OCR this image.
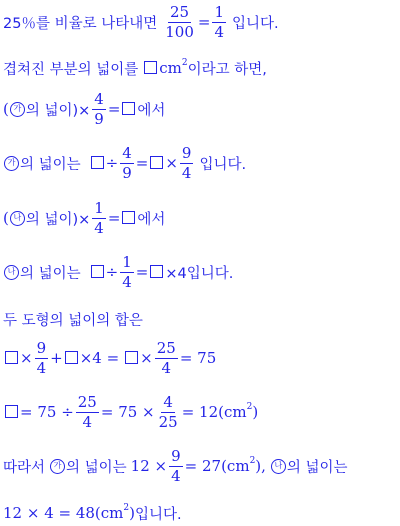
25％를 비율로 나타내면 $\frac{25}{100} = \frac{1}{4}$ 입니다.
겹쳐진 부분의 넓이를 $cm^2$ 이라고 하면,
( 가 의 넓이)× $\frac{4}{9}$ = 에서
가 의 넓이는 ÷ $\frac{4}{9}$ = × $\frac{9}{4}$ 입니다.
( 나 의 넓이)× $\frac{1}{4}$ = 에서
나 의 넓이는 ÷ $\frac{1}{4} = \times 4$입니다.
두 도형의 넓이의 합은
× $\frac{9}{4} + \times 4$ = × $\frac{25}{4} = 75$
= $75 \div \frac{25}{4} = 75 \times \frac{4}{25} = 12(cm^2$ )
따라서	가 의 넓이는 $12 \times \frac{9}{4} = 27(cm^2$ ),	나 의 넓이는
$12 \times 4 = 48(cm^2$ ) 입니다.
